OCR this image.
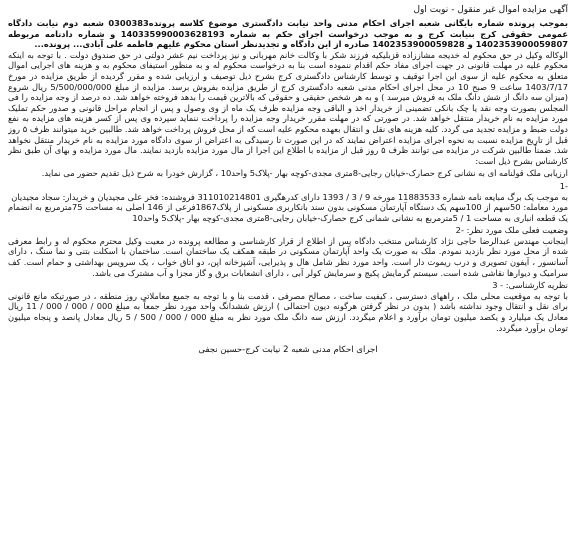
آگهی مزایده اموال غیر منقول - نوبت اول

بموجب پرونده شماره بایگانی شعبه اجرای احکام مدنی واحد نیابت دادگستری موضوع کلاسه پرونده0300383 شعبه دوم نیابت دادگاه عمومی حقوقی کرج بنیابت کرج و به موجب درخواست اجرای حکم به شماره 140335990003628193 و شماره دادنامه مربوطه 1402353900059807 و 1402353900059828 صادره از این دادگاه و تجدیدنظر استان محکوم علیهم فاطمه علی آبادی... پرونده...

الوکاله وکیل در حق محکوم له خدیجه مشاززاده قزبلیکیه فرزند شکر با وکالت خانم مهربانی و نیز پرداخت نیم عشر دولتی در حق صندوق دولت . با توجه به اینکه محکوم علیه در مهلت قانونی در جهت اجرای مفاد حکم اقدام ننموده است بنا به درخواست محکوم له و به منظور استیفای محکوم به و هزینه های اجرایی اموال متعلق به محکوم علیه از سوی این اجرا توقیف و توسط کارشناس دادگستری کرج بشرح ذیل توصیف و ارزیابی شده و مقرر گردیده از طریق مزایده در مورخ 1403/7/17 ساعت 9 صبح 10 در محل اجرای احکام مدنی شعبه دادگستری کرج از طریق مزایده بفروش برسد. مزایده از مبلغ 5/500/000/000 ریال شروع (میزان سه دانگ از شش دانگ ملک به فروش میرسد ) و به هر شخص حقیقی و حقوقی که بالاترین قیمت را بدهد فروخته خواهد شد. ده درصد از وجه مزایده را فی المجلس بصورت وجه نقد یا چک بانکی تضمینی از خریدار اخذ و الباقی وجه مزایده ظرف یک ماه از وی وصول و پس از انجام مراحل قانونی و صدور حکم تملیک مورد مزایده به نام خریدار منتقل خواهد شد. در صورتی که در مهلت مقرر خریدار وجه مزایده را پرداخت ننماید سپرده وی پس از کسر هزینه های مزایده به نفع دولت ضبط و مزایده تجدید می گردد. کلیه هزینه های نقل و انتقال بعهده محکوم علیه است که از محل فروش پرداخت خواهد شد. طالبین خرید میتوانند ظرف ۵ روز قبل از تاریخ مزایده نسبت به نحوه اجرای مزایده اعتراض نمایند که در این صورت تا رسیدگی به اعتراض از سوی دادگاه مورد مزایده به نام خریدار منتقل نخواهد شد. ضمناً طالبین شرکت در مزایده می توانند ظرف ۵ روز قبل از مزایده با اطلاع این اجرا از مال مورد مزایده بازدید نمایند. مال مورد مزایده و بهای آن طبق نظر کارشناس بشرح ذیل است:

ارزیابی ملک قولنامه ای به نشانی کرج حصارک-خیابان رجایی-8متری مجدی-کوچه بهار -پلاک5 واحد10 ، گزارش خودرا به شرح ذیل تقدیم حضور می نماید.

-1

به موجب یک برگ مبایعه نامه شماره 11883533 مورخه 9 / 3 / 1393 دارای کدرهگیری 311010214801 فروشنده: فخر علی مجیدیان و خریدار: سجاد مجیدیان

مورد معامله: 50سهم از 100سهم یک دستگاه آپارتمان مسکونی بدون سند بانکاربری مسکونی از پلاک1867فرعی از 146 اصلی به مساحت 75مترمربع به انضمام یک قطعه انباری به مساحت 1 / 5مترمربع به نشانی شمانی کرج حصارک-خیابان رجایی-8متری مجدی-کوچه بهار -پلاک5 واحد10

وضعیت فعلی ملک مورد نظر: -2

اینجانب مهندس عبدالرضا حاجی نژاد کارشناس منتخب دادگاه پس از اطلاع از قرار کارشناسی و مطالعه پرونده در معیت وکیل محترم محکوم له و رابط معرفی شده از محل مورد نظر بازدید نمودم. ملک به صورت یک واحد آپارتمان مسکونی در طبقه همکف یک ساختمان است. ساختمان با اسکلت بتنی و نما سنگ ، دارای آسانسور ، آیفون تصویری و درب ریموت دار است. واحد مورد نظر شامل هال و پذیرایی، آشپزخانه اپن، دو اتاق خواب ، یک سرویس بهداشتی و حمام است. کف سرامیک و دیوارها نقاشی شده است. سیستم گرمایش پکیج و سرمایش کولر آبی ، دارای انشعابات برق و گاز مجزا و آب مشترک می باشد.

نظریه کارشناسی: - 3

با توجه به موقعیت محلی ملک ، راههای دسترسی ، کیفیت ساخت ، مصالح مصرفی ، قدمت بنا و با توجه به جمیع معاملاتی روز منطقه ، در صورتیکه مانع قانونی برای نقل و انتقال وجود نداشته باشد ( بدون در نظر گرفتن هرگونه دیون احتمالی ) ارزش ششدانگ واحد مورد نظر جمعاً به مبلغ 000 / 000 / 000 / 11 ریال معادل یک میلیارد و یکصد میلیون تومان برآورد و اعلام میگردد. ارزش سه دانگ ملک مورد نظر به مبلغ 000 / 000 / 500 / 5 ریال معادل پانصد و پنجاه میلیون تومان برآورد میگردد.

اجرای احکام مدنی شعبه 2 نیابت کرج-حسین نجفی
